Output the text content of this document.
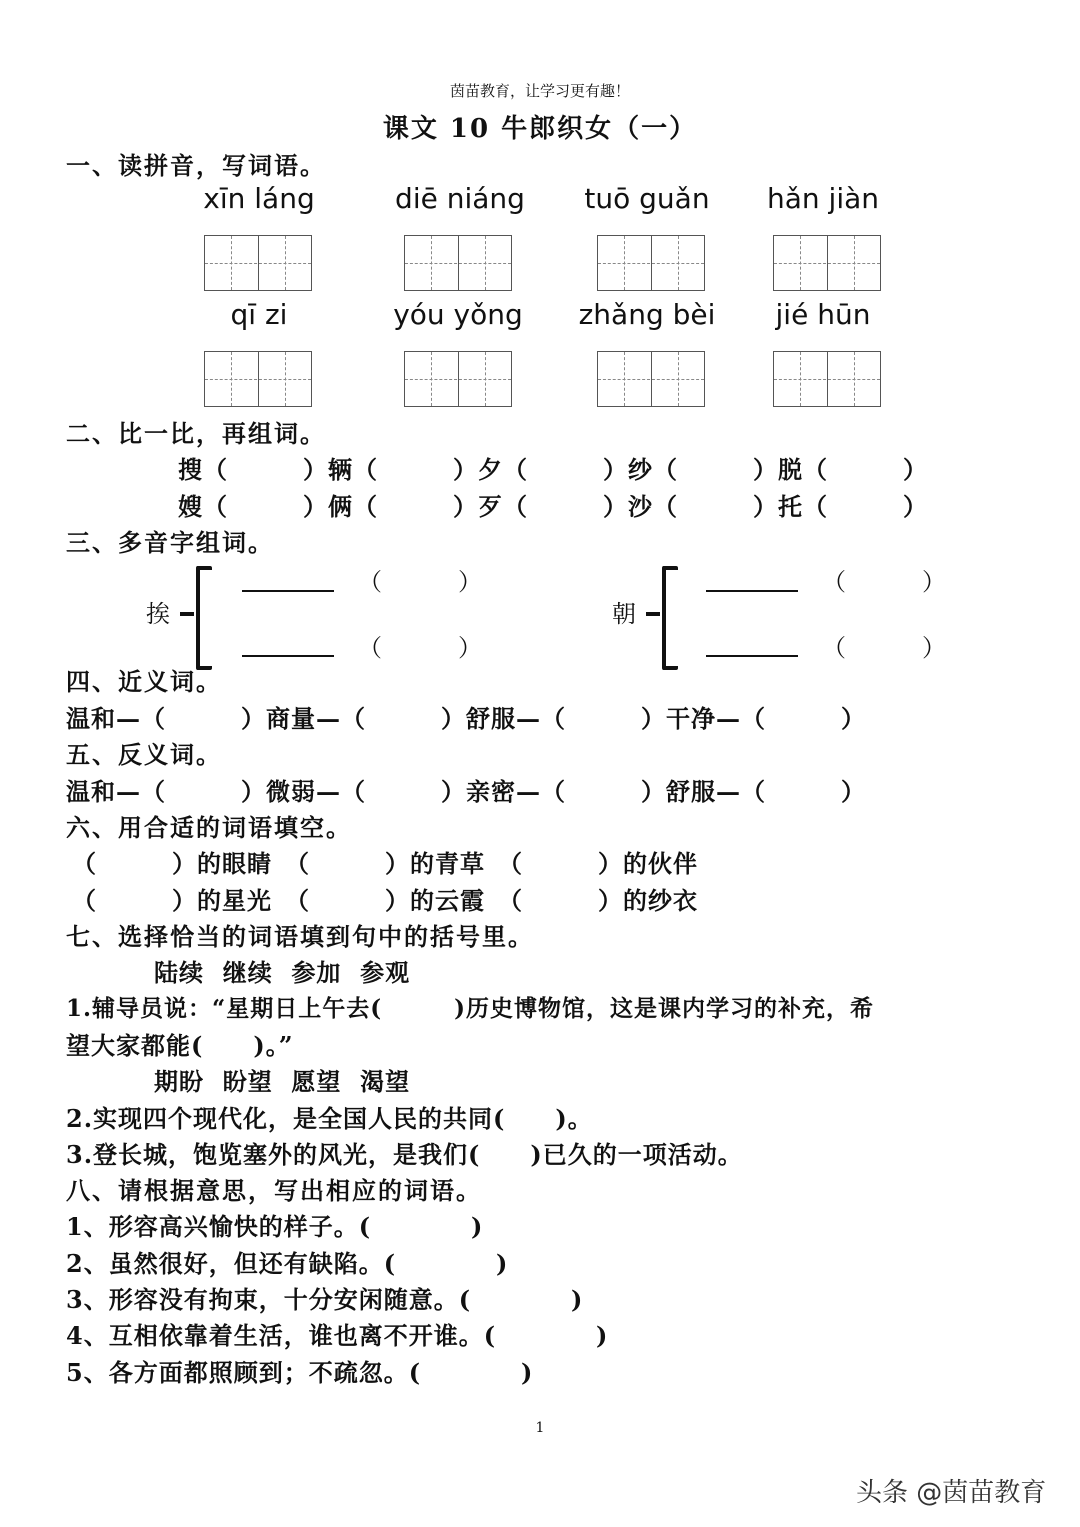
茵苗教育，让学习更有趣！
课文 10 牛郎织女（一）
一、读拼音，写词语。
xīn láng	diē niáng	tuō guǎn	hǎn jiàn
qī zi	yóu yǒng	zhǎng bèi	jié hūn
二、比一比，再组词。
搜（　　　）辆（　　　）夕（　　　）纱（　　　）脱（　　　）
嫂（　　　）俩（　　　）歹（　　　）沙（　　　）托（　　　）
三、多音字组词。
挨
（　　　）
（　　　）
朝
（　　　）
（　　　）
四、近义词。
温和—（　　　）商量—（　　　）舒服—（　　　）干净—（　　　）
五、反义词。
温和—（　　　）微弱—（　　　）亲密—（　　　）舒服—（　　　）
六、用合适的词语填空。
（　　　）的眼睛　（　　　）的青草　（　　　）的伙伴
（　　　）的星光　（　　　）的云霞　（　　　）的纱衣
七、选择恰当的词语填到句中的括号里。
陆续  继续  参加  参观
1.辅导员说：“星期日上午去(　　　)历史博物馆，这是课内学习的补充，希
望大家都能(　　)。”
期盼  盼望  愿望  渴望
2.实现四个现代化，是全国人民的共同(　　)。
3.登长城，饱览塞外的风光，是我们(　　)已久的一项活动。
八、请根据意思，写出相应的词语。
1、形容高兴愉快的样子。(　　　　)
2、虽然很好，但还有缺陷。(　　　　)
3、形容没有拘束，十分安闲随意。(　　　　)
4、互相依靠着生活，谁也离不开谁。(　　　　)
5、各方面都照顾到；不疏忽。(　　　　)
1
头条 @茵苗教育
